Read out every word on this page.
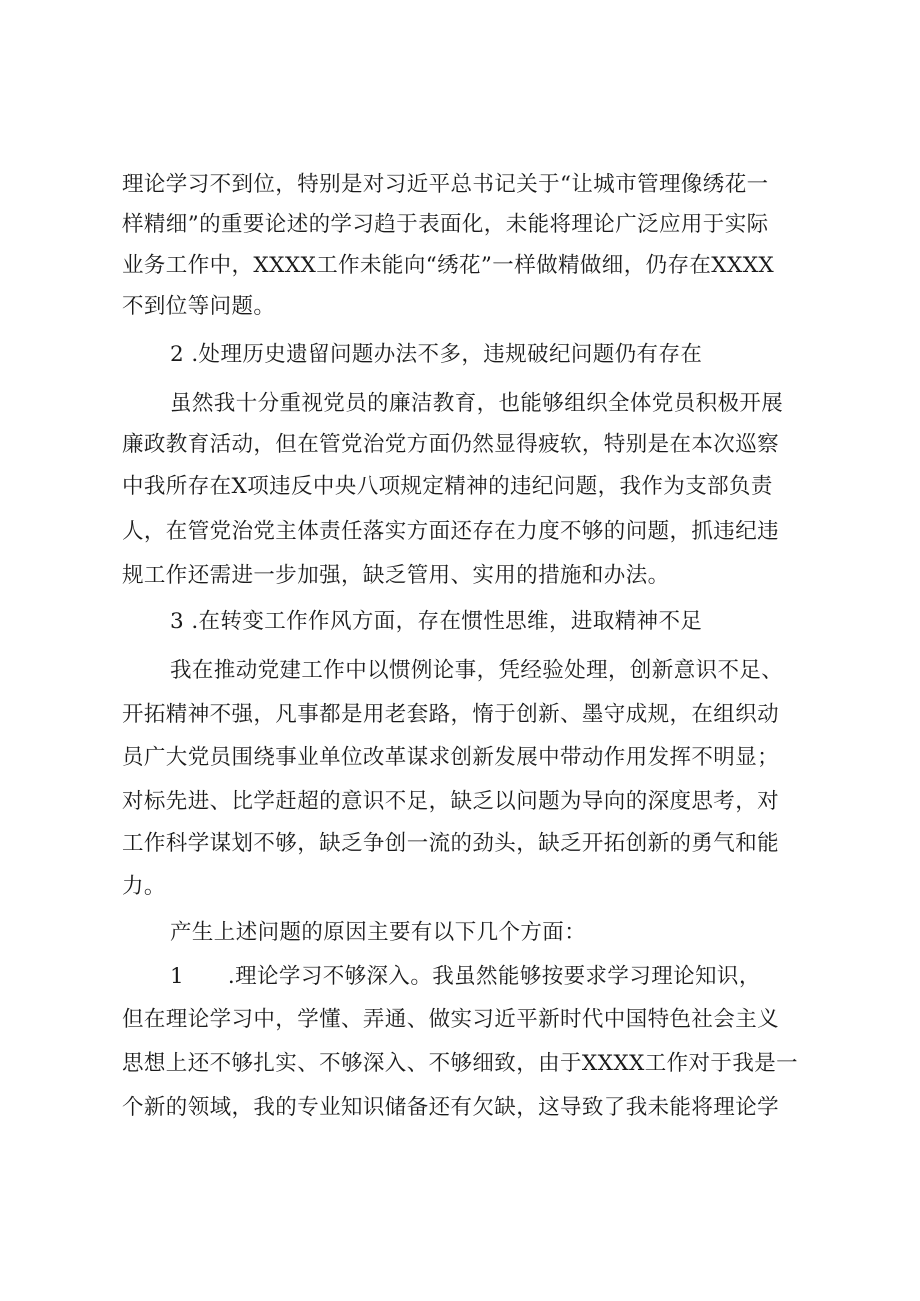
理论学习不到位，特别是对习近平总书记关于“让城市管理像绣花一
样精细”的重要论述的学习趋于表面化，未能将理论广泛应用于实际
业务工作中，XXXX工作未能向“绣花”一样做精做细，仍存在XXXX
不到位等问题。
2 .处理历史遗留问题办法不多，违规破纪问题仍有存在
虽然我十分重视党员的廉洁教育，也能够组织全体党员积极开展
廉政教育活动，但在管党治党方面仍然显得疲软，特别是在本次巡察
中我所存在X项违反中央八项规定精神的违纪问题，我作为支部负责
人，在管党治党主体责任落实方面还存在力度不够的问题，抓违纪违
规工作还需进一步加强，缺乏管用、实用的措施和办法。
3 .在转变工作作风方面，存在惯性思维，进取精神不足
我在推动党建工作中以惯例论事，凭经验处理，创新意识不足、
开拓精神不强，凡事都是用老套路，惰于创新、墨守成规，在组织动
员广大党员围绕事业单位改革谋求创新发展中带动作用发挥不明显；
对标先进、比学赶超的意识不足，缺乏以问题为导向的深度思考，对
工作科学谋划不够，缺乏争创一流的劲头，缺乏开拓创新的勇气和能
力。
产生上述问题的原因主要有以下几个方面：
1　　.理论学习不够深入。我虽然能够按要求学习理论知识，
但在理论学习中，学懂、弄通、做实习近平新时代中国特色社会主义
思想上还不够扎实、不够深入、不够细致，由于XXXX工作对于我是一
个新的领域，我的专业知识储备还有欠缺，这导致了我未能将理论学
